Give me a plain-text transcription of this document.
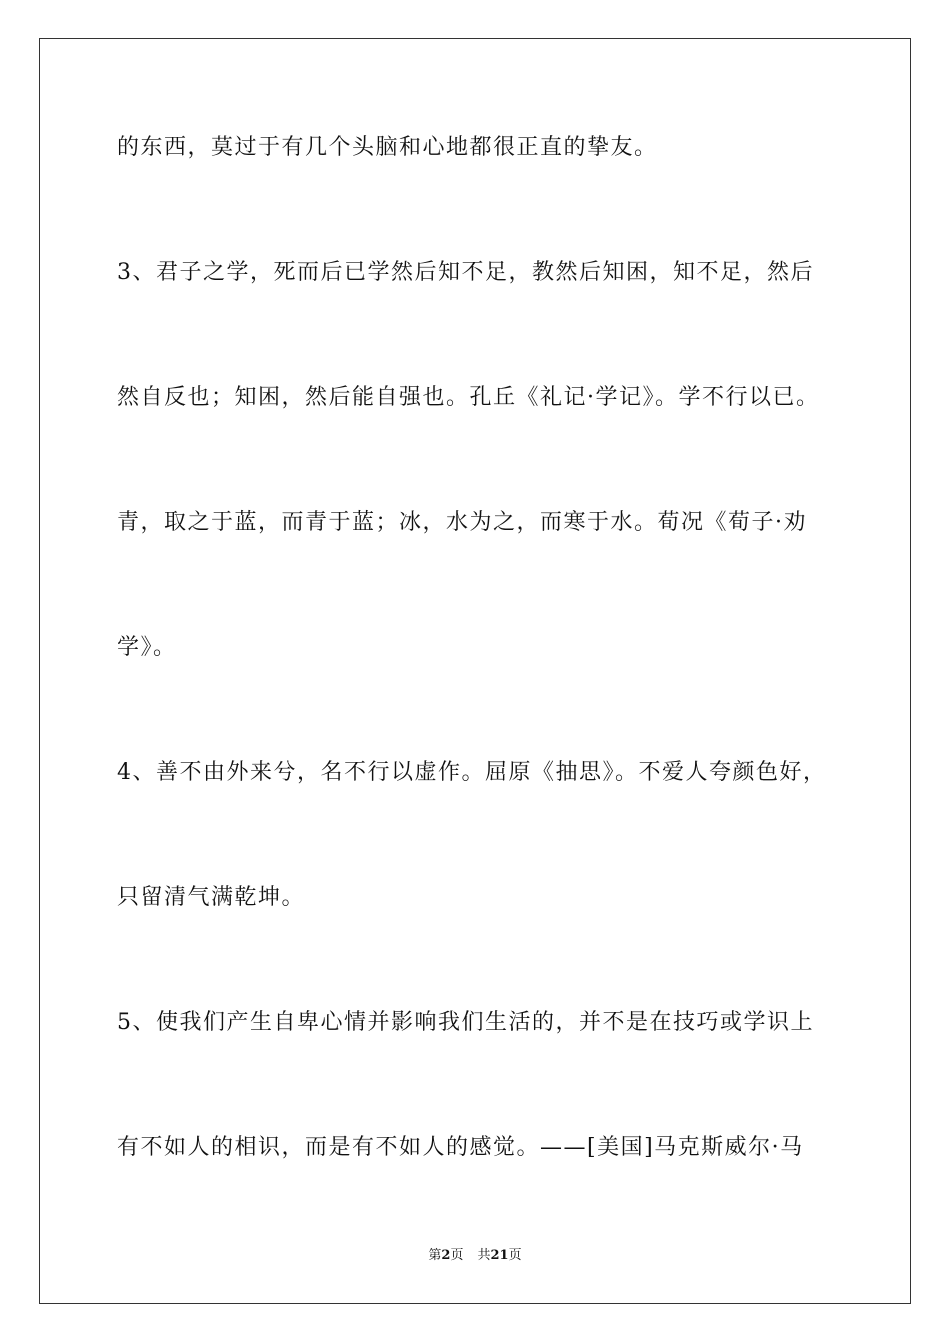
的东西，莫过于有几个头脑和心地都很正直的挚友。

3、君子之学，死而后已学然后知不足，教然后知困，知不足，然后

然自反也；知困，然后能自强也。孔丘《礼记·学记》。学不行以已。

青，取之于蓝，而青于蓝；冰，水为之，而寒于水。荀况《荀子·劝

学》。

4、善不由外来兮，名不行以虚作。屈原《抽思》。不爱人夸颜色好，

只留清气满乾坤。

5、使我们产生自卑心情并影响我们生活的，并不是在技巧或学识上

有不如人的相识，而是有不如人的感觉。——[美国]马克斯威尔·马

第2页 共21页
